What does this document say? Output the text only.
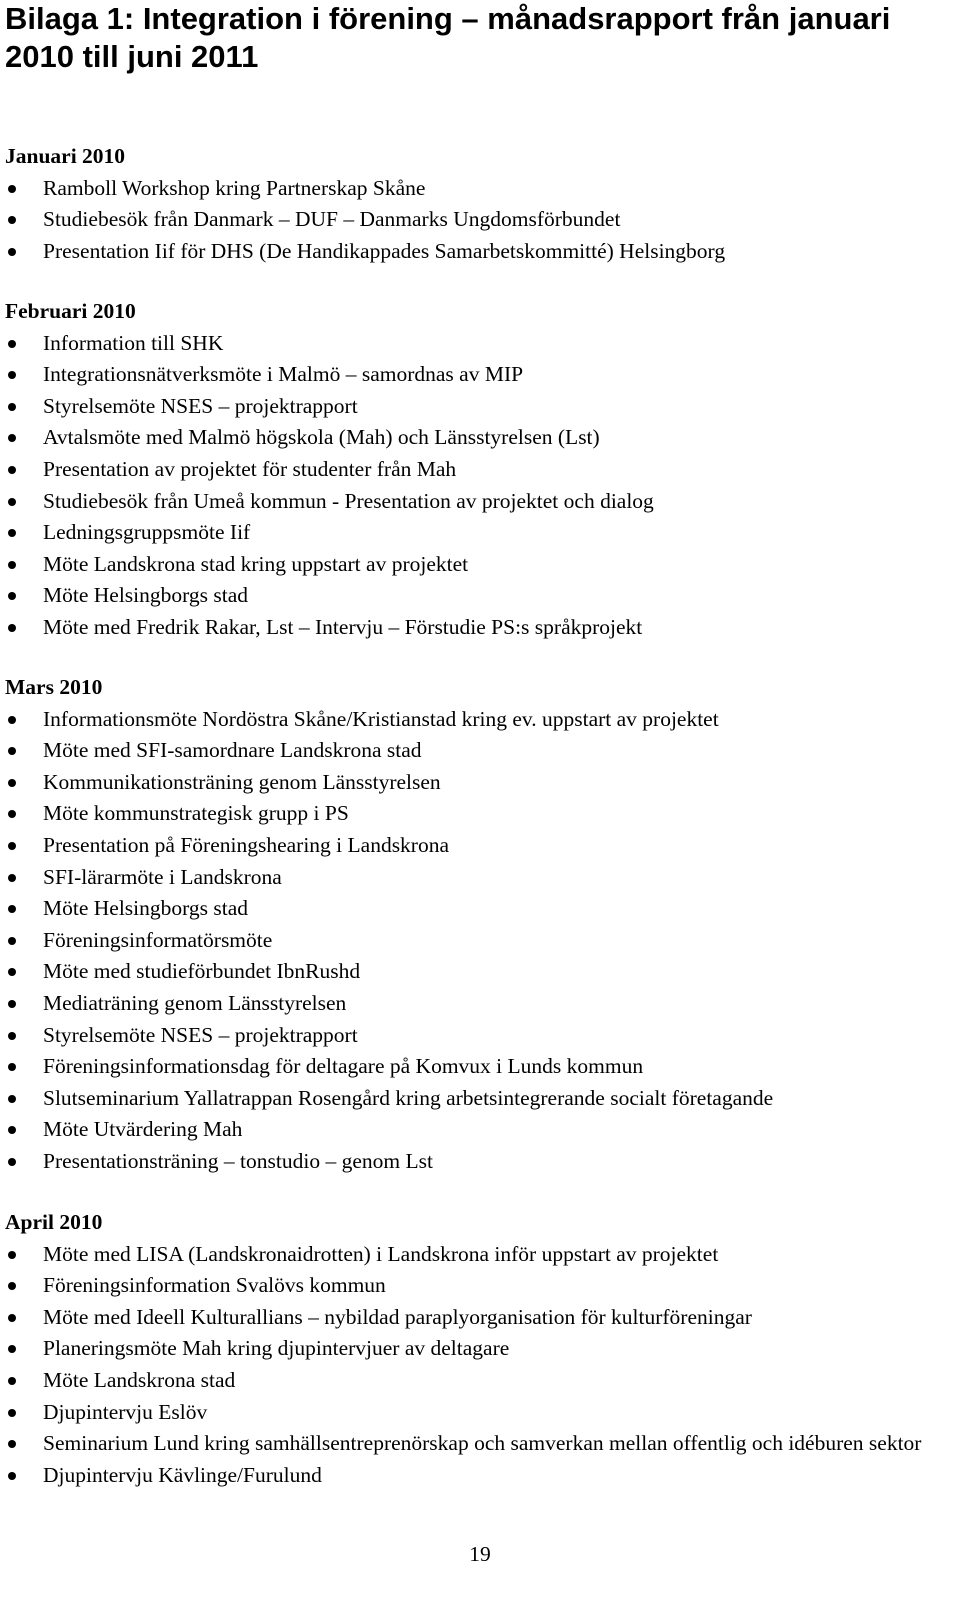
Bilaga 1: Integration i förening – månadsrapport från januari 2010 till juni 2011
Januari 2010
Ramboll Workshop kring Partnerskap Skåne
Studiebesök från Danmark – DUF – Danmarks Ungdomsförbundet
Presentation Iif för DHS (De Handikappades Samarbetskommitté) Helsingborg
Februari 2010
Information till SHK
Integrationsnätverksmöte i Malmö – samordnas av MIP
Styrelsemöte NSES – projektrapport
Avtalsmöte med Malmö högskola (Mah) och Länsstyrelsen (Lst)
Presentation av projektet för studenter från Mah
Studiebesök från Umeå kommun - Presentation av projektet och dialog
Ledningsgruppsmöte Iif
Möte Landskrona stad kring uppstart av projektet
Möte Helsingborgs stad
Möte med Fredrik Rakar, Lst – Intervju – Förstudie PS:s språkprojekt
Mars 2010
Informationsmöte Nordöstra Skåne/Kristianstad kring ev. uppstart av projektet
Möte med SFI-samordnare Landskrona stad
Kommunikationsträning genom Länsstyrelsen
Möte kommunstrategisk grupp i PS
Presentation på Föreningshearing i Landskrona
SFI-lärarmöte i Landskrona
Möte Helsingborgs stad
Föreningsinformatörsmöte
Möte med studieförbundet IbnRushd
Mediaträning genom Länsstyrelsen
Styrelsemöte NSES – projektrapport
Föreningsinformationsdag för deltagare på Komvux i Lunds kommun
Slutseminarium Yallatrappan Rosengård kring arbetsintegrerande socialt företagande
Möte Utvärdering Mah
Presentationsträning – tonstudio – genom Lst
April 2010
Möte med LISA (Landskronaidrotten) i Landskrona inför uppstart av projektet
Föreningsinformation Svalövs kommun
Möte med Ideell Kulturallians – nybildad paraplyorganisation för kulturföreningar
Planeringsmöte Mah kring djupintervjuer av deltagare
Möte Landskrona stad
Djupintervju Eslöv
Seminarium Lund kring samhällsentreprenörskap och samverkan mellan offentlig och idéburen sektor
Djupintervju Kävlinge/Furulund
19
